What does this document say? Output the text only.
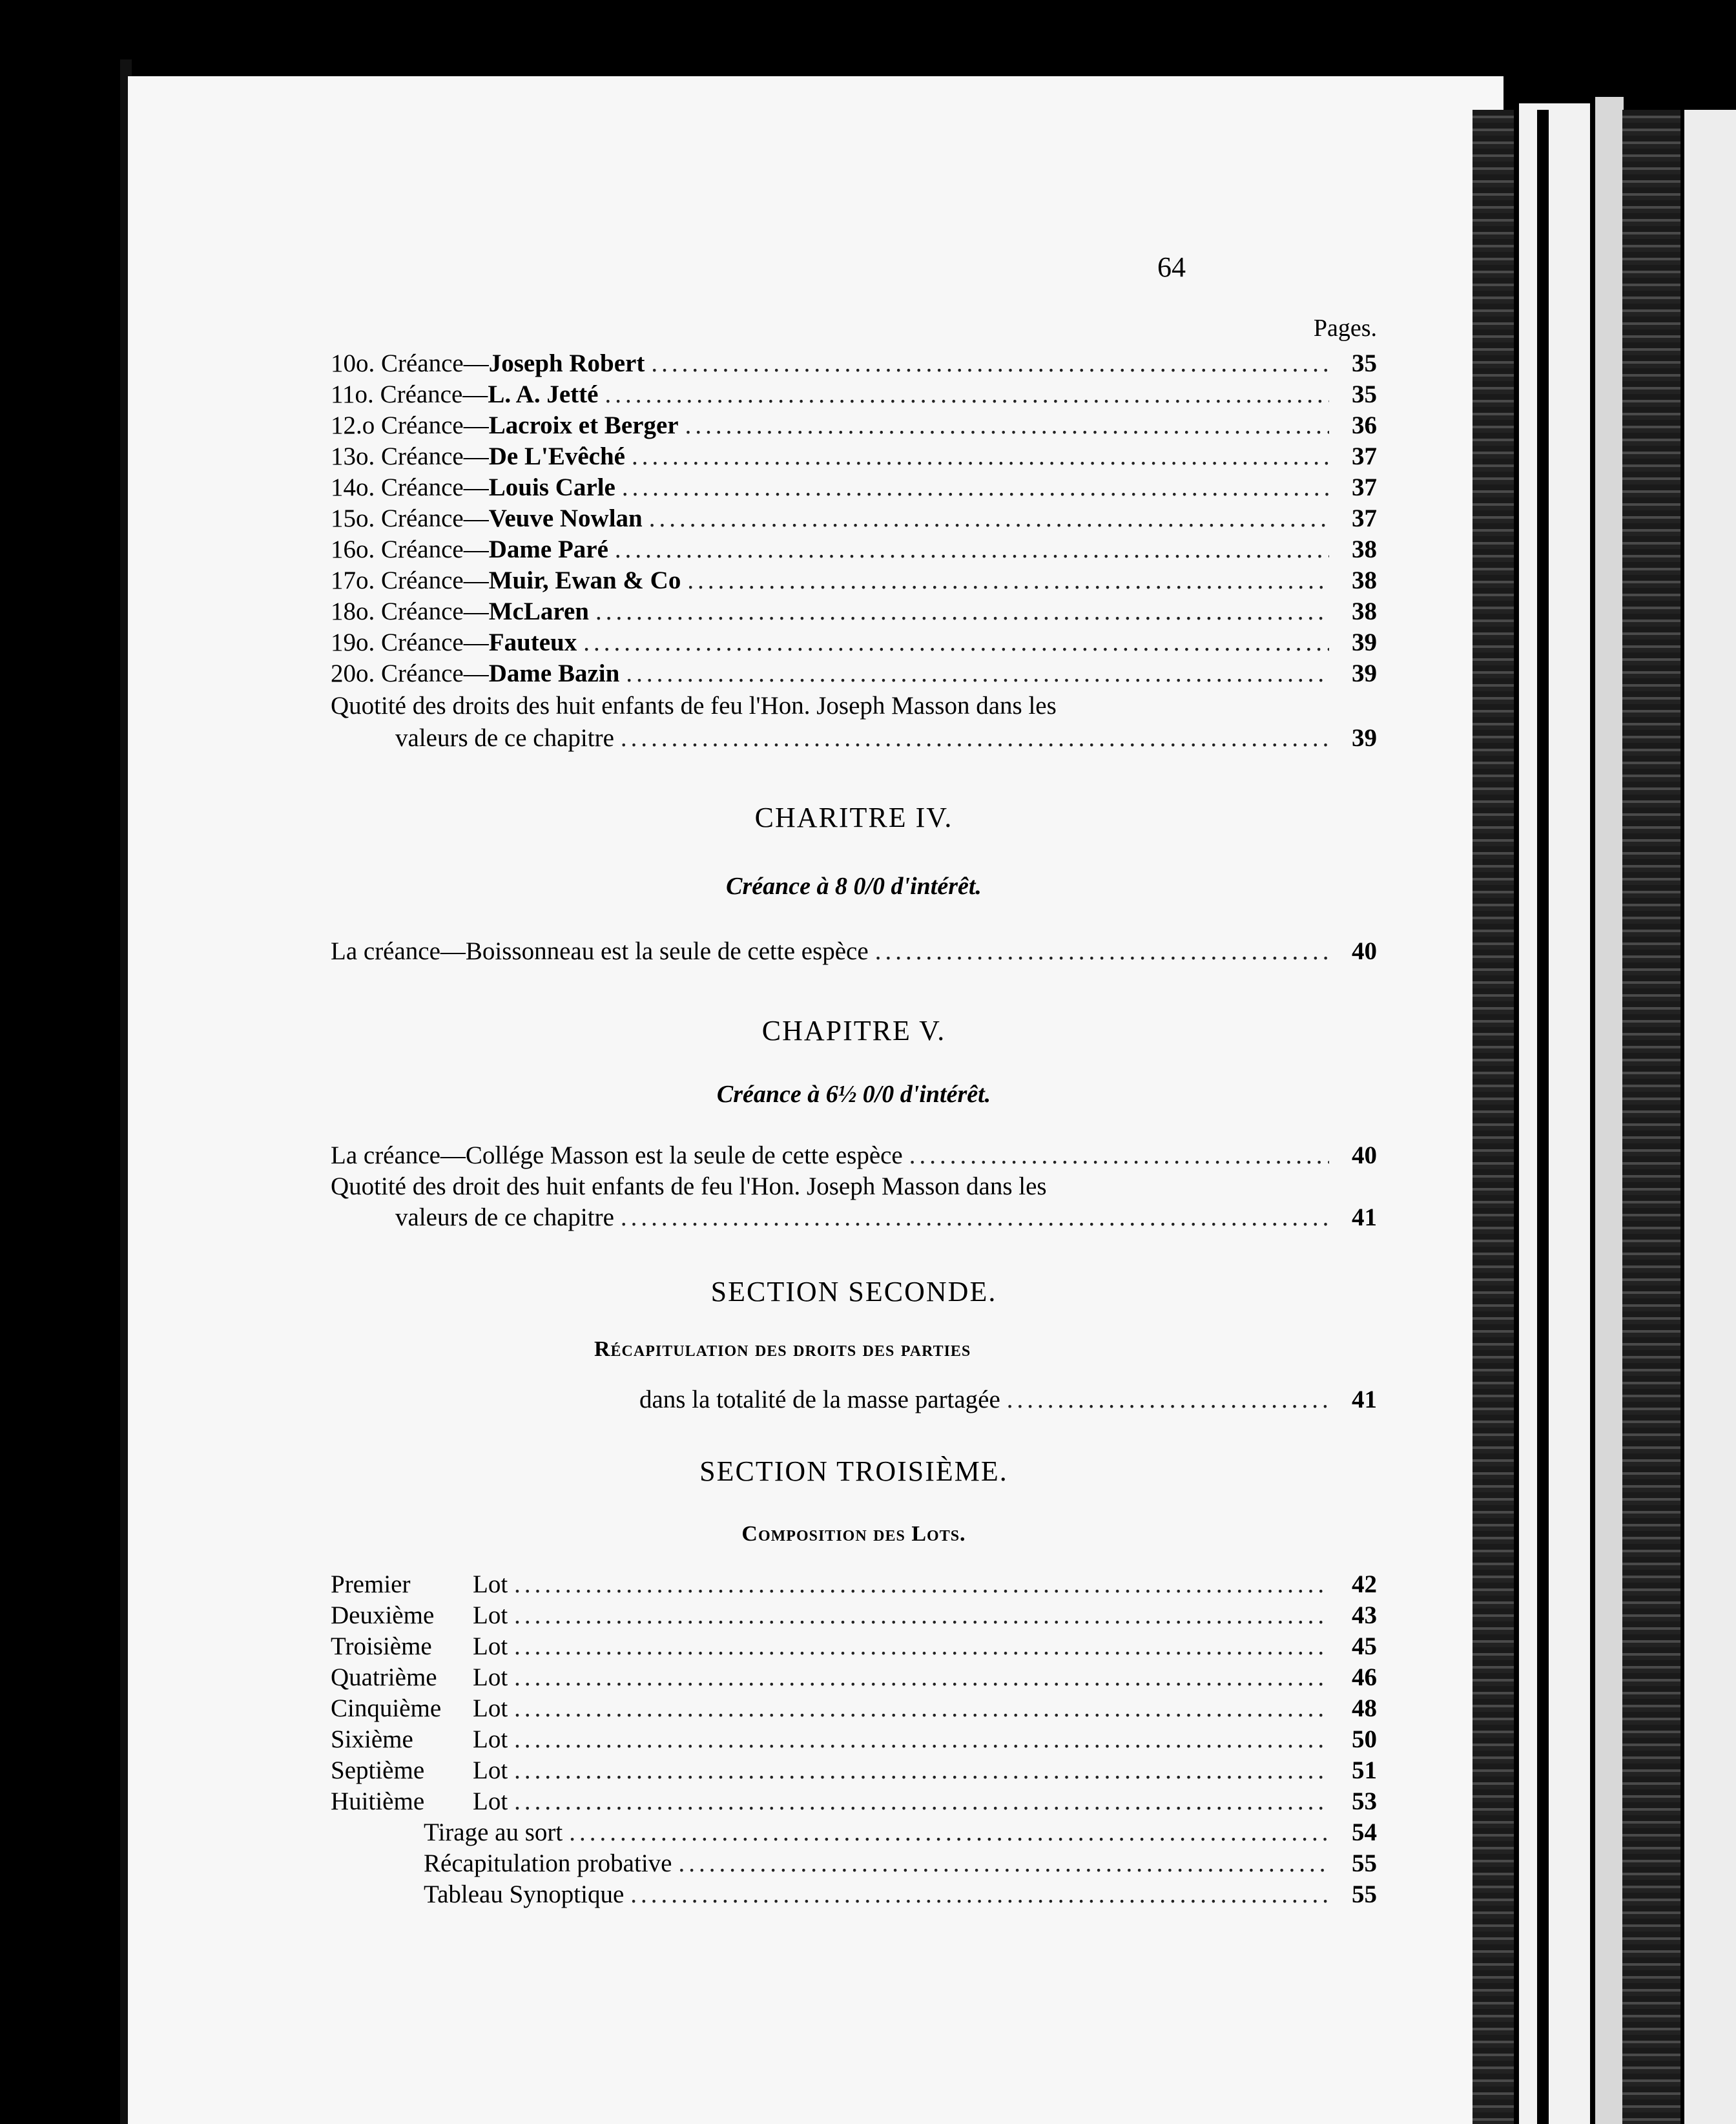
64
Pages.
10o. Créance—Joseph Robert .....	35
11o. Créance—L. A. Jetté .....	35
12.o Créance—Lacroix et Berger .....	36
13o. Créance—De L'Evêché .....	37
14o. Créance—Louis Carle .....	37
15o. Créance—Veuve Nowlan .....	37
16o. Créance—Dame Paré .....	38
17o. Créance—Muir, Ewan & Co .....	38
18o. Créance—McLaren .....	38
19o. Créance—Fauteux .....	39
20o. Créance—Dame Bazin .....	39
Quotité des droits des huit enfants de feu l'Hon. Joseph Masson dans les
valeurs de ce chapitre .....	39
CHARITRE IV.
Créance à 8 0/0 d'intérêt.
La créance—Boissonneau est la seule de cette espèce .....	40
CHAPITRE V.
Créance à 6½ 0/0 d'intérêt.
La créance—Collége Masson est la seule de cette espèce .....	40
Quotité des droit des huit enfants de feu l'Hon. Joseph Masson dans les
valeurs de ce chapitre .....	41
SECTION SECONDE.
Récapitulation des droits des parties
dans la totalité de la masse partagée .....	41
SECTION TROISIÈME.
Composition des Lots.
Premier Lot .....	42
Deuxième Lot .....	43
Troisième Lot .....	45
Quatrième Lot .....	46
Cinquième Lot .....	48
Sixième Lot .....	50
Septième Lot .....	51
Huitième Lot .....	53
Tirage au sort .....	54
Récapitulation probative .....	55
Tableau Synoptique .....	55
